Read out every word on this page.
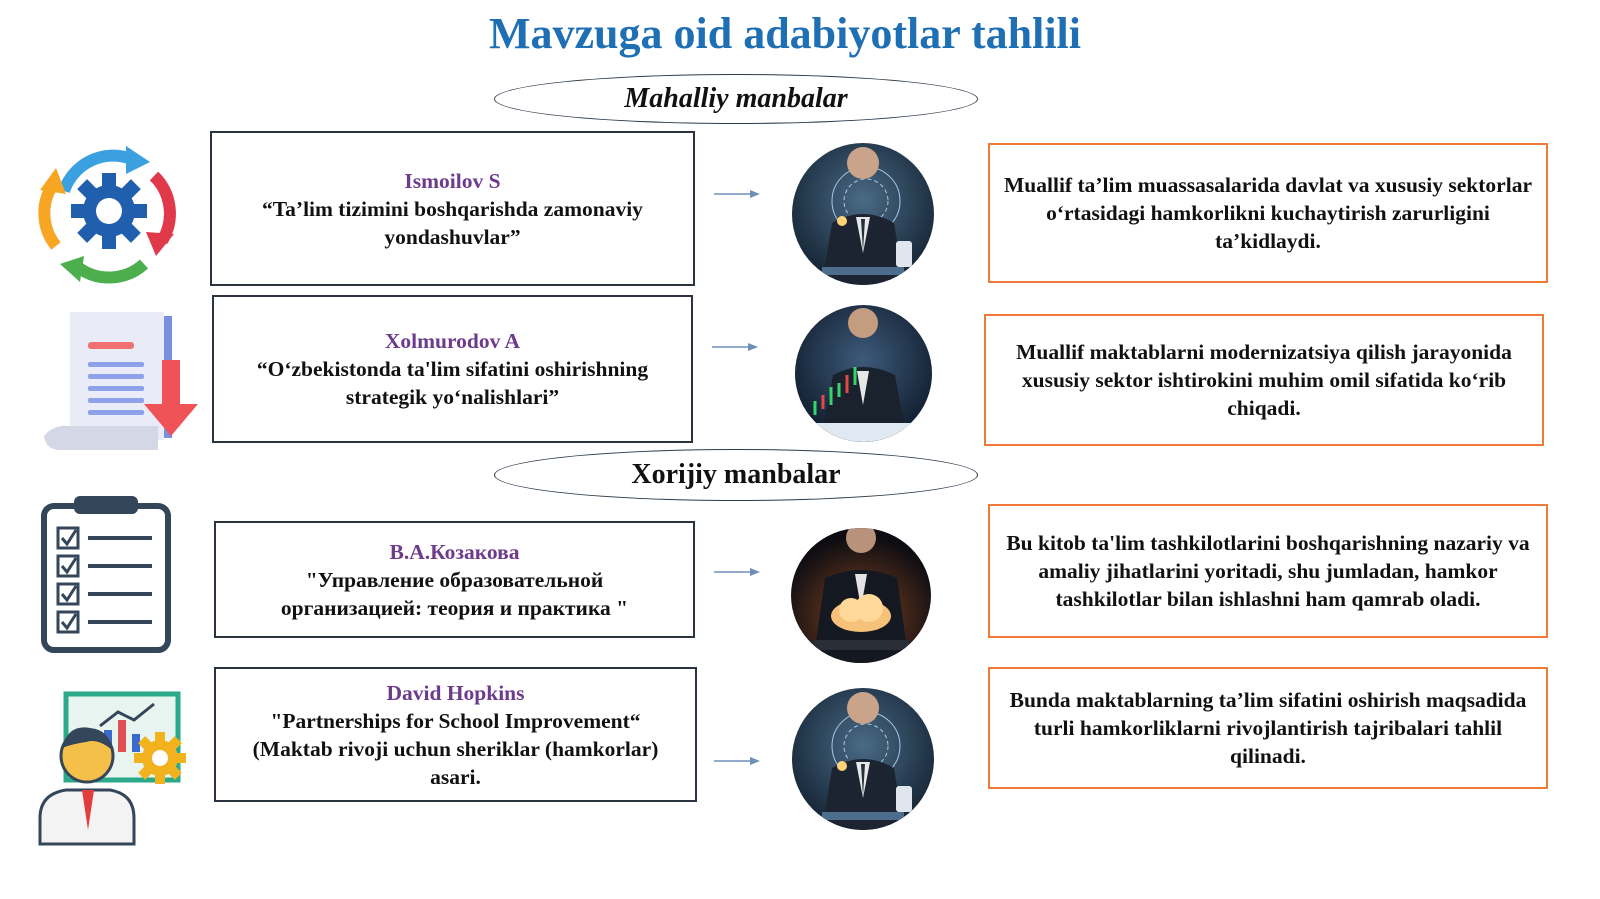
Mavzuga oid adabiyotlar tahlili
Mahalliy manbalar
Xorijiy manbalar
Ismoilov S
“Ta’lim tizimini boshqarishda zamonaviy yondashuvlar”
Muallif ta’lim muassasalarida davlat va xususiy sektorlar o‘rtasidagi hamkorlikni kuchaytirish zarurligini ta’kidlaydi.
Xolmurodov A
“O‘zbekistonda ta'lim sifatini oshirishning strategik yo‘nalishlari”
Muallif maktablarni modernizatsiya qilish jarayonida xususiy sektor ishtirokini muhim omil sifatida ko‘rib chiqadi.
В.А.Козакова
"Управление образовательной организацией: теория и практика "
Bu kitob ta'lim tashkilotlarini boshqarishning nazariy va amaliy jihatlarini yoritadi, shu jumladan, hamkor tashkilotlar bilan ishlashni ham qamrab oladi.
David Hopkins
"Partnerships for School Improvement“ (Maktab rivoji uchun sheriklar (hamkorlar) asari.
Bunda maktablarning ta’lim sifatini oshirish maqsadida turli hamkorliklarni rivojlantirish tajribalari tahlil qilinadi.
